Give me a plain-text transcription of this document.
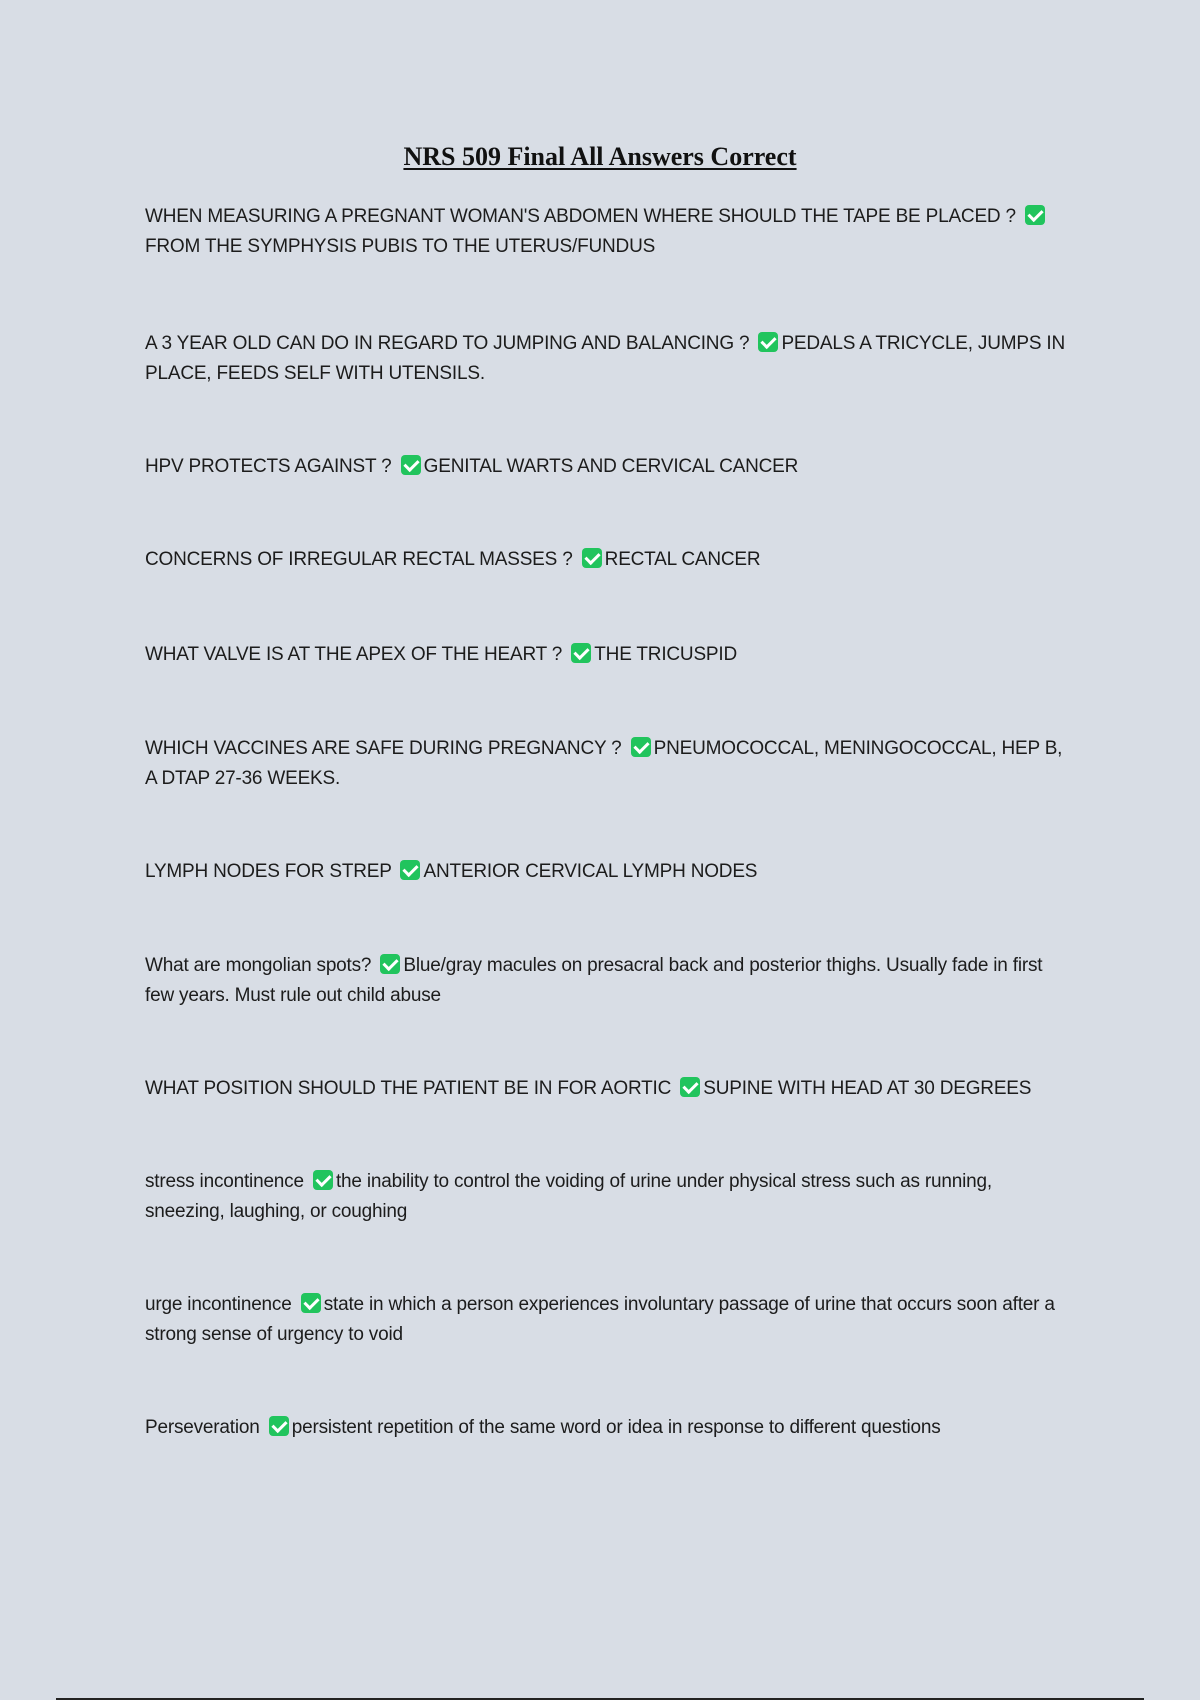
NRS 509 Final All Answers Correct
WHEN MEASURING A PREGNANT WOMAN'S ABDOMEN WHERE SHOULD THE TAPE BE PLACED ? FROM THE SYMPHYSIS PUBIS TO THE UTERUS/FUNDUS
A 3 YEAR OLD CAN DO IN REGARD TO JUMPING AND BALANCING ? PEDALS A TRICYCLE, JUMPS IN PLACE, FEEDS SELF WITH UTENSILS.
HPV PROTECTS AGAINST ? GENITAL WARTS AND CERVICAL CANCER
CONCERNS OF IRREGULAR RECTAL MASSES ? RECTAL CANCER
WHAT VALVE IS AT THE APEX OF THE HEART ? THE TRICUSPID
WHICH VACCINES ARE SAFE DURING PREGNANCY ? PNEUMOCOCCAL, MENINGOCOCCAL, HEP B, A DTAP 27-36 WEEKS.
LYMPH NODES FOR STREP ANTERIOR CERVICAL LYMPH NODES
What are mongolian spots? Blue/gray macules on presacral back and posterior thighs. Usually fade in first few years. Must rule out child abuse
WHAT POSITION SHOULD THE PATIENT BE IN FOR AORTIC SUPINE WITH HEAD AT 30 DEGREES
stress incontinence the inability to control the voiding of urine under physical stress such as running, sneezing, laughing, or coughing
urge incontinence state in which a person experiences involuntary passage of urine that occurs soon after a strong sense of urgency to void
Perseveration persistent repetition of the same word or idea in response to different questions
